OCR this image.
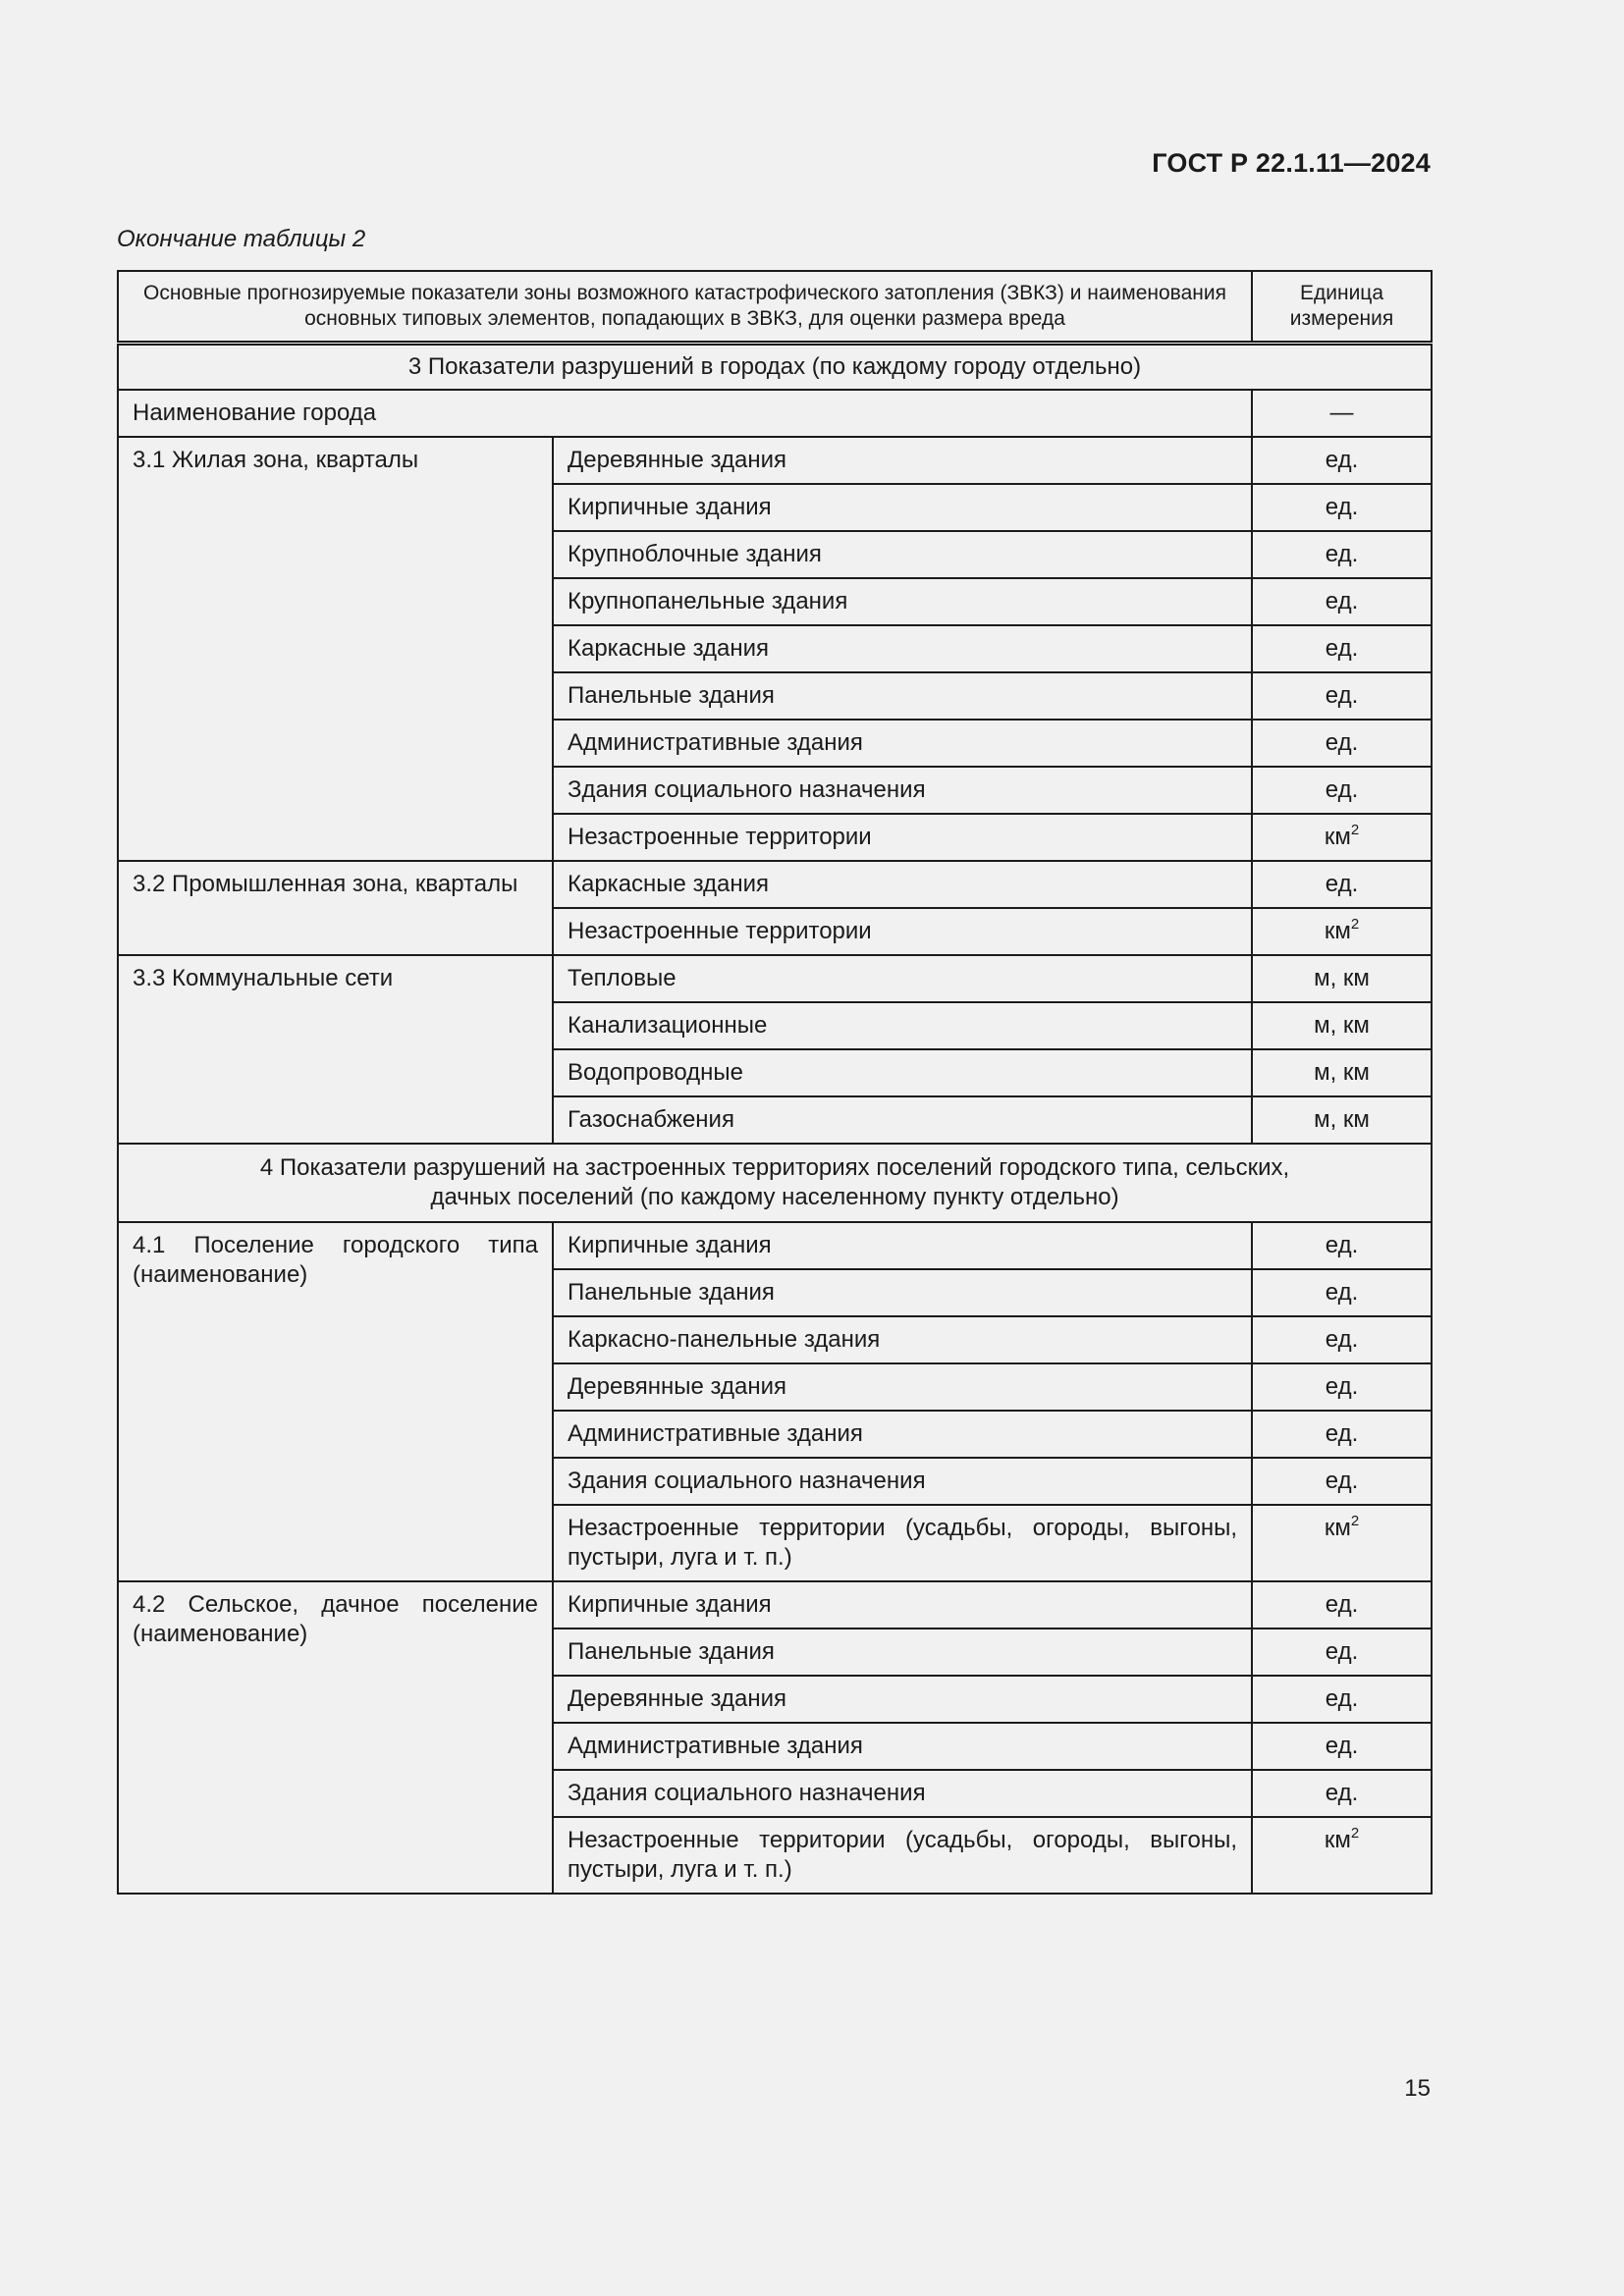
ГОСТ Р 22.1.11—2024
Окончание таблицы 2
Основные прогнозируемые показатели зоны возможного катастрофического затопления (ЗВКЗ) и наименования основных типовых элементов, попадающих в ЗВКЗ, для оценки размера вреда		Единица измерения
3 Показатели разрушений в городах (по каждому городу отдельно)		
Наименование города		—
3.1 Жилая зона, кварталы	Деревянные здания	ед.
	Кирпичные здания	ед.
	Крупноблочные здания	ед.
	Крупнопанельные здания	ед.
	Каркасные здания	ед.
	Панельные здания	ед.
	Административные здания	ед.
	Здания социального назначения	ед.
	Незастроенные территории	$км^2$
3.2 Промышленная зона, кварталы	Каркасные здания	ед.
	Незастроенные территории	$км^2$
3.3 Коммунальные сети	Тепловые	м, км
	Канализационные	м, км
	Водопроводные	м, км
	Газоснабжения	м, км

4 Показатели разрушений на застроенных территориях поселений городского типа, сельских,
дачных поселений (по каждому населенному пункту отдельно)		

4.1 Поселение городского типа (наименование)	Кирпичные здания	ед.
	Панельные здания	ед.
	Каркасно-панельные здания	ед.
	Деревянные здания	ед.
	Административные здания	ед.
	Здания социального назначения	ед.
	Незастроенные территории (усадьбы, огороды, выгоны, пустыри, луга и т. п.)	$км^2$
4.2 Сельское, дачное поселение (наименование)	Кирпичные здания	ед.
	Панельные здания	ед.
	Деревянные здания	ед.
	Административные здания	ед.
	Здания социального назначения	ед.
	Незастроенные территории (усадьбы, огороды, выгоны, пустыри, луга и т. п.)	$км^2$
15
